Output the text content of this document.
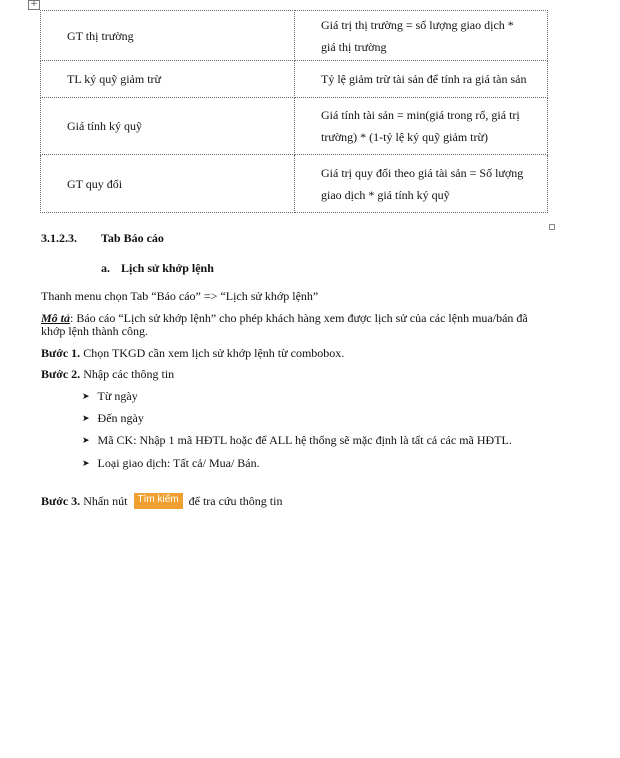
+
GT thị trường	Giá trị thị trường = số lượng giao dịch *
giá thị trường

TL ký quỹ giảm trừ	Tỷ lệ giảm trừ tài sản để tính ra giá tàn sản

Giá tính ký quỹ	Giá tính tài sản = min(giá trong rổ, giá trị
trường) * (1-tỷ lệ ký quỹ giảm trừ)

GT quy đổi	Giá trị quy đổi theo giá tài sản = Số lượng
giao dịch * giá tính ký quỹ
3.1.2.3. Tab Báo cáo
a. Lịch sử khớp lệnh
Thanh menu chọn Tab “Báo cáo” => “Lịch sử khớp lệnh”
Mô tả: Báo cáo “Lịch sử khớp lệnh” cho phép khách hàng xem được lịch sử của các lệnh mua/bán đã
khớp lệnh thành công.
Bước 1. Chọn TKGD cần xem lịch sử khớp lệnh từ combobox.
Bước 2. Nhập các thông tin
➤ Từ ngày
➤ Đến ngày
➤ Mã CK: Nhập 1 mã HĐTL hoặc để ALL hệ thống sẽ mặc định là tất cả các mã HĐTL.
➤ Loại giao dịch: Tất cả/ Mua/ Bán.
Bước 3. Nhấn nút Tìm kiếm để tra cứu thông tin
